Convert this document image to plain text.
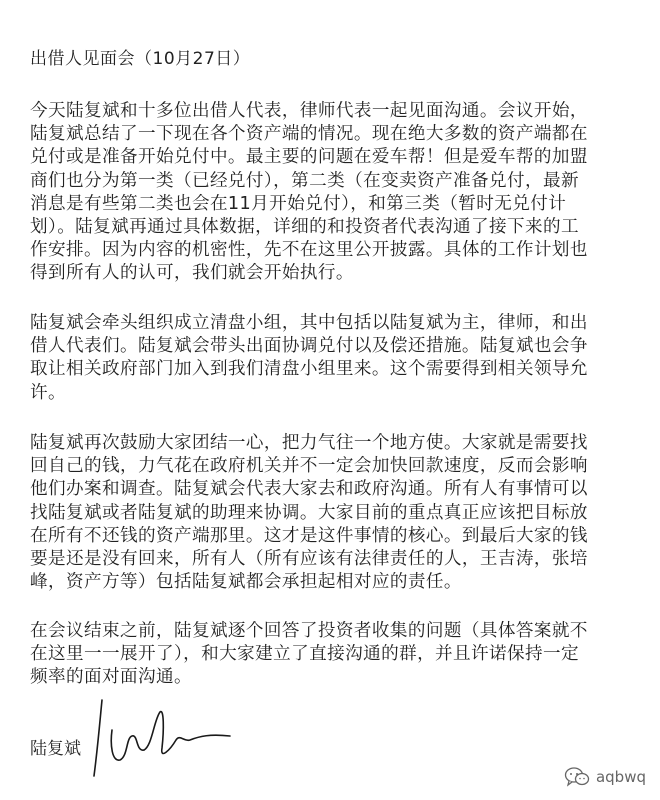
出借人见面会（10月27日）

今天陆复斌和十多位出借人代表，律师代表一起见面沟通。会议开始，
陆复斌总结了一下现在各个资产端的情况。现在绝大多数的资产端都在
兑付或是准备开始兑付中。最主要的问题在爱车帮！但是爱车帮的加盟
商们也分为第一类（已经兑付），第二类（在变卖资产准备兑付，最新
消息是有些第二类也会在11月开始兑付），和第三类（暂时无兑付计
划）。陆复斌再通过具体数据，详细的和投资者代表沟通了接下来的工
作安排。因为内容的机密性，先不在这里公开披露。具体的工作计划也
得到所有人的认可，我们就会开始执行。

陆复斌会牵头组织成立清盘小组，其中包括以陆复斌为主，律师，和出
借人代表们。陆复斌会带头出面协调兑付以及偿还措施。陆复斌也会争
取让相关政府部门加入到我们清盘小组里来。这个需要得到相关领导允
许。

陆复斌再次鼓励大家团结一心，把力气往一个地方使。大家就是需要找
回自己的钱，力气花在政府机关并不一定会加快回款速度，反而会影响
他们办案和调查。陆复斌会代表大家去和政府沟通。所有人有事情可以
找陆复斌或者陆复斌的助理来协调。大家目前的重点真正应该把目标放
在所有不还钱的资产端那里。这才是这件事情的核心。到最后大家的钱
要是还是没有回来，所有人（所有应该有法律责任的人，王吉涛，张培
峰，资产方等）包括陆复斌都会承担起相对应的责任。

在会议结束之前，陆复斌逐个回答了投资者收集的问题（具体答案就不
在这里一一展开了），和大家建立了直接沟通的群，并且许诺保持一定
频率的面对面沟通。

陆复斌
aqbwq
